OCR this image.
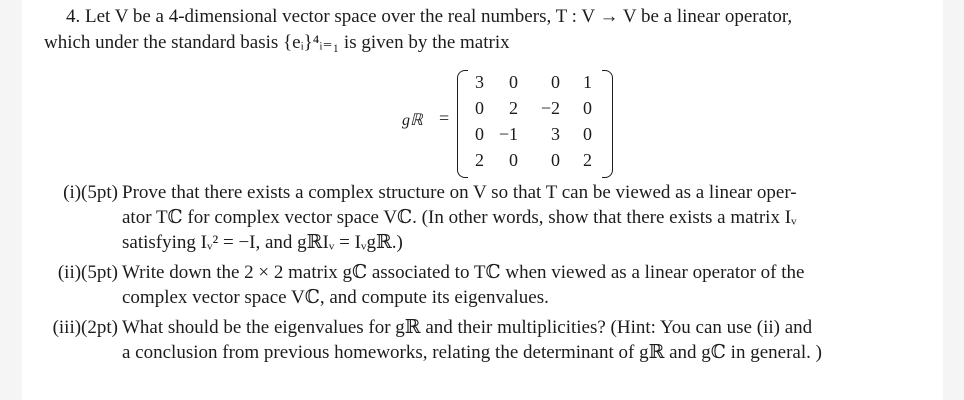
4. Let V be a 4-dimensional vector space over the real numbers, T : V → V be a linear operator,
which under the standard basis {eᵢ}⁴ᵢ₌₁ is given by the matrix
gℝ =
3	0	0	1
0	2	−2	0
0 −1	3	0
2	0	0	2
(i)(5pt) Prove that there exists a complex structure on V so that T can be viewed as a linear oper-
ator Tℂ for complex vector space Vℂ. (In other words, show that there exists a matrix Iᵥ
satisfying Iᵥ² = −I, and gℝIᵥ = Iᵥgℝ.)
(ii)(5pt) Write down the 2 × 2 matrix gℂ associated to Tℂ when viewed as a linear operator of the
complex vector space Vℂ, and compute its eigenvalues.
(iii)(2pt) What should be the eigenvalues for gℝ and their multiplicities? (Hint: You can use (ii) and
a conclusion from previous homeworks, relating the determinant of gℝ and gℂ in general. )
